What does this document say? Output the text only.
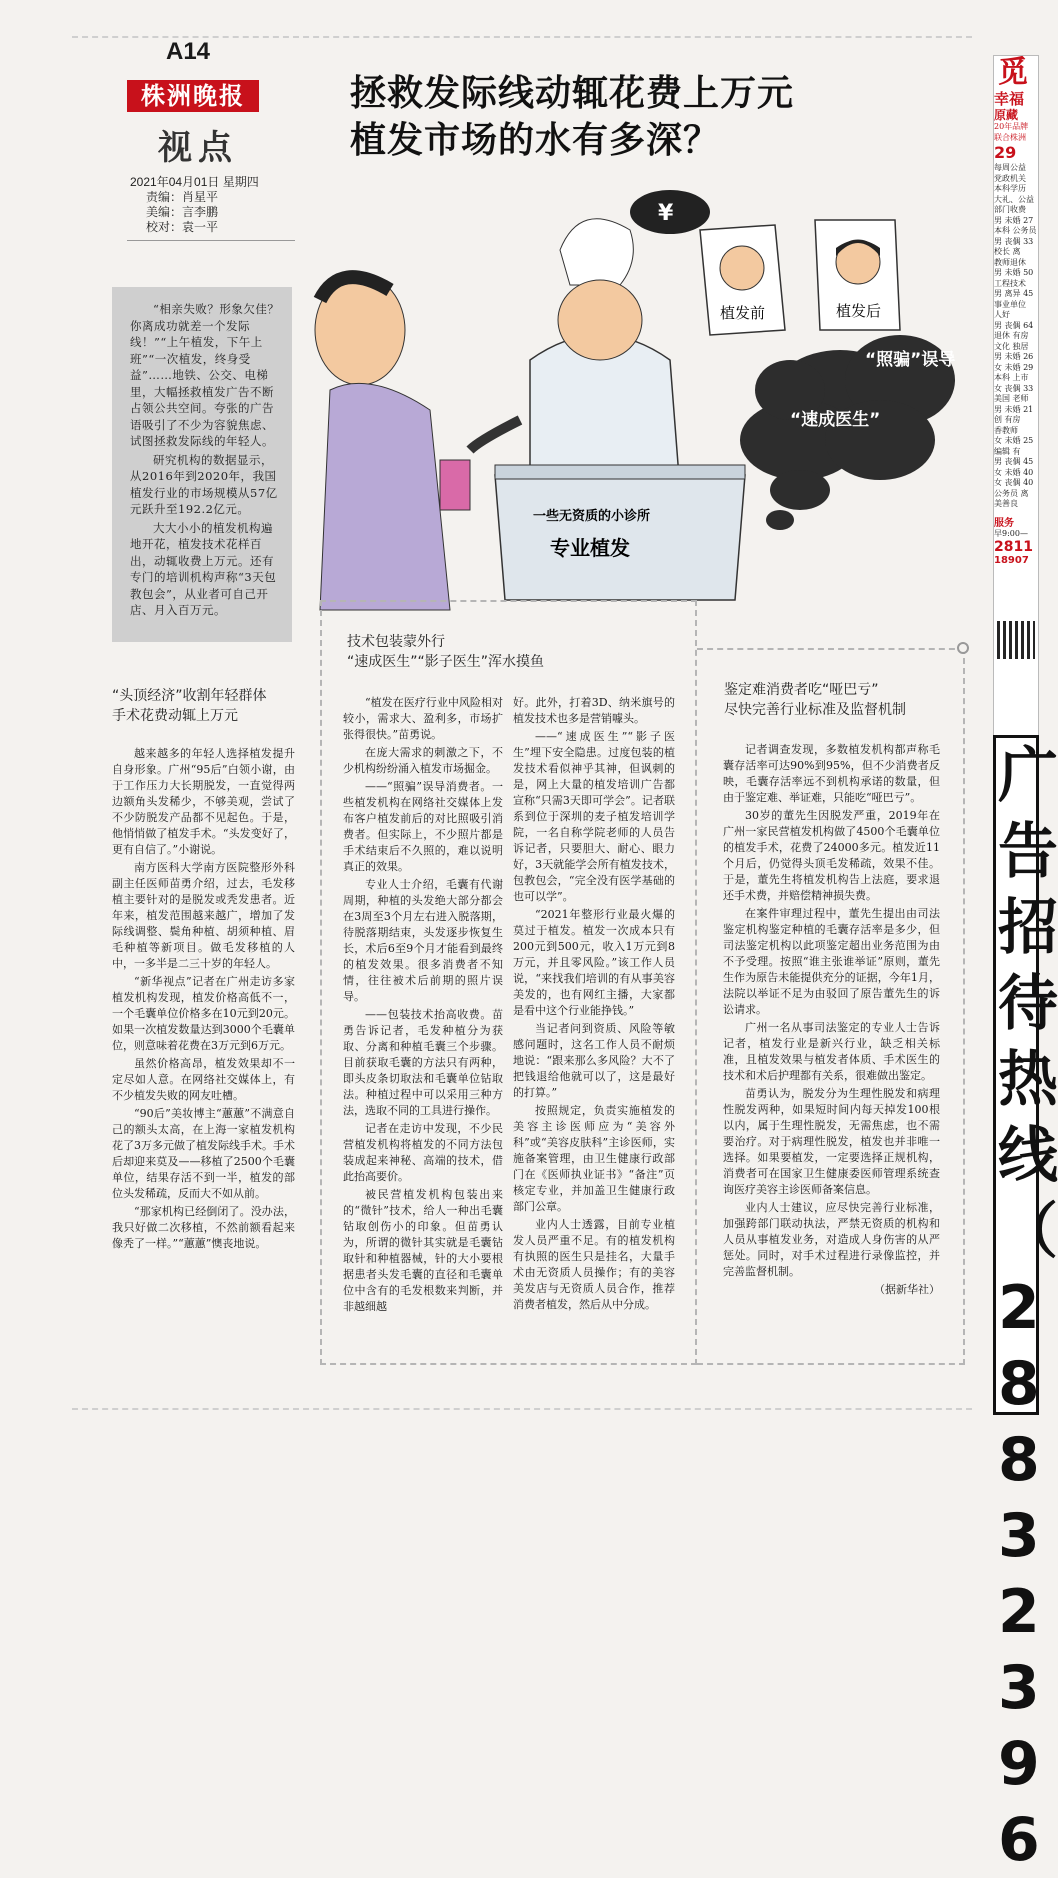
A14
株洲晚报
视点
2021年04月01日 星期四
责编：肖星平
美编：言李鹏
校对：袁一平
拯救发际线动辄花费上万元
植发市场的水有多深？
“照骗”误导
“速成医生”
植发前	植发后
¥
一些无资质的小诊所
专业植发

“相亲失败？形象欠佳？你离成功就差一个发际线！”“上午植发，下午上班”“一次植发，终身受益”……地铁、公交、电梯里，大幅拯救植发广告不断占领公共空间。夸张的广告语吸引了不少为容貌焦虑、试图拯救发际线的年轻人。

研究机构的数据显示，从2016年到2020年，我国植发行业的市场规模从57亿元跃升至192.2亿元。

大大小小的植发机构遍地开花，植发技术花样百出，动辄收费上万元。还有专门的培训机构声称“3天包教包会”，从业者可自己开店、月入百万元。

“头顶经济”收割年轻群体
手术花费动辄上万元

越来越多的年轻人选择植发提升自身形象。广州“95后”白领小谢，由于工作压力大长期脱发，一直觉得两边额角头发稀少，不够美观，尝试了不少防脱发产品都不见起色。于是，他悄悄做了植发手术。“头发变好了，更有自信了。”小谢说。

南方医科大学南方医院整形外科副主任医师苗勇介绍，过去，毛发移植主要针对的是脱发或秃发患者。近年来，植发范围越来越广，增加了发际线调整、鬓角种植、胡须种植、眉毛种植等新项目。做毛发移植的人中，一多半是二三十岁的年轻人。

“新华视点”记者在广州走访多家植发机构发现，植发价格高低不一，一个毛囊单位价格多在10元到20元。如果一次植发数量达到3000个毛囊单位，则意味着花费在3万元到6万元。

虽然价格高昂，植发效果却不一定尽如人意。在网络社交媒体上，有不少植发失败的网友吐槽。

“90后”美妆博主“蕙蕙”不满意自己的额头太高，在上海一家植发机构花了3万多元做了植发际线手术。手术后却迎来莫及——移植了2500个毛囊单位，结果存活不到一半，植发的部位头发稀疏，反而大不如从前。

“那家机构已经倒闭了。没办法，我只好做二次移植，不然前额看起来像秃了一样。”“蕙蕙”懊丧地说。

技术包装蒙外行
“速成医生”“影子医生”浑水摸鱼

“植发在医疗行业中风险相对较小，需求大、盈利多，市场扩张得很快。”苗勇说。

在庞大需求的刺激之下，不少机构纷纷涌入植发市场掘金。

——“照骗”误导消费者。一些植发机构在网络社交媒体上发布客户植发前后的对比照吸引消费者。但实际上，不少照片都是手术结束后不久照的，难以说明真正的效果。

专业人士介绍，毛囊有代谢周期，种植的头发绝大部分都会在3周至3个月左右进入脱落期，待脱落期结束，头发逐步恢复生长，术后6至9个月才能看到最终的植发效果。很多消费者不知情，往往被术后前期的照片误导。

——包装技术抬高收费。苗勇告诉记者，毛发种植分为获取、分离和种植毛囊三个步骤。目前获取毛囊的方法只有两种，即头皮条切取法和毛囊单位钻取法。种植过程中可以采用三种方法，选取不同的工具进行操作。

记者在走访中发现，不少民营植发机构将植发的不同方法包装成起来神秘、高端的技术，借此抬高要价。

被民营植发机构包装出来的“微针”技术，给人一种出毛囊钻取创伤小的印象。但苗勇认为，所谓的微针其实就是毛囊钻取针和种植器械，针的大小要根据患者头发毛囊的直径和毛囊单位中含有的毛发根数来判断，并非越细越

好。此外，打着3D、纳米旗号的植发技术也多是营销噱头。

——“速成医生”“影子医生”埋下安全隐患。过度包装的植发技术看似神乎其神，但讽刺的是，网上大量的植发培训广告都宣称“只需3天即可学会”。记者联系到位于深圳的麦子植发培训学院，一名自称学院老师的人员告诉记者，只要胆大、耐心、眼力好，3天就能学会所有植发技术，包教包会，“完全没有医学基础的也可以学”。

“2021年整形行业最火爆的莫过于植发。植发一次成本只有200元到500元，收入1万元到8万元，并且零风险。”该工作人员说，“来找我们培训的有从事美容美发的，也有网红主播，大家都是看中这个行业能挣钱。”

当记者问到资质、风险等敏感问题时，这名工作人员不耐烦地说：“跟来那么多风险？大不了把钱退给他就可以了，这是最好的打算。”

按照规定，负责实施植发的美容主诊医师应为“美容外科”或“美容皮肤科”主诊医师，实施备案管理，由卫生健康行政部门在《医师执业证书》“备注”页核定专业，并加盖卫生健康行政部门公章。

业内人士透露，目前专业植发人员严重不足。有的植发机构有执照的医生只是挂名，大量手术由无资质人员操作；有的美容美发店与无资质人员合作，推荐消费者植发，然后从中分成。

鉴定难消费者吃“哑巴亏”
尽快完善行业标准及监督机制

记者调查发现，多数植发机构都声称毛囊存活率可达90%到95%，但不少消费者反映，毛囊存活率远不到机构承诺的数量，但由于鉴定难、举证难，只能吃“哑巴亏”。

30岁的董先生因脱发严重，2019年在广州一家民营植发机构做了4500个毛囊单位的植发手术，花费了24000多元。植发近11个月后，仍觉得头顶毛发稀疏，效果不佳。于是，董先生将植发机构告上法庭，要求退还手术费，并赔偿精神损失费。

在案件审理过程中，董先生提出由司法鉴定机构鉴定种植的毛囊存活率是多少，但司法鉴定机构以此项鉴定超出业务范围为由不予受理。按照“谁主张谁举证”原则，董先生作为原告未能提供充分的证据，今年1月，法院以举证不足为由驳回了原告董先生的诉讼请求。

广州一名从事司法鉴定的专业人士告诉记者，植发行业是新兴行业，缺乏相关标准，且植发效果与植发者体质、手术医生的技术和术后护理都有关系，很难做出鉴定。

苗勇认为，脱发分为生理性脱发和病理性脱发两种，如果短时间内每天掉发100根以内，属于生理性脱发，无需焦虑，也不需要治疗。对于病理性脱发，植发也并非唯一选择。如果要植发，一定要选择正规机构，消费者可在国家卫生健康委医师管理系统查询医疗美容主诊医师备案信息。

业内人士建议，应尽快完善行业标准，加强跨部门联动执法，严禁无资质的机构和人员从事植发业务，对造成人身伤害的从严惩处。同时，对手术过程进行录像监控，并完善监督机制。

（据新华社）

觅
幸福
原藏
20年品牌
联合株洲
29
每周公益
党政机关
本科学历
大礼、公益
部门收费
男 未婚 27
本科 公务员
男 丧偶 33
校长 离
教师退休
男 未婚 50
工程技术
男 离异 45
事业单位
人好
男 丧偶 64
退休 有房
文化 独居
男 未婚 26
女 未婚 29
本科 上市
女 丧偶 33
美国 老师
男 未婚 21
创 有房
香教师
女 未婚 25
编辑 有
男 丧偶 45
女 未婚 40
女 丧偶 40
公务员 离
美善良
服务
早9:00—
2811
18907
广
告
招
待
热
线
（
2
8
8
3
2
3
9
6
